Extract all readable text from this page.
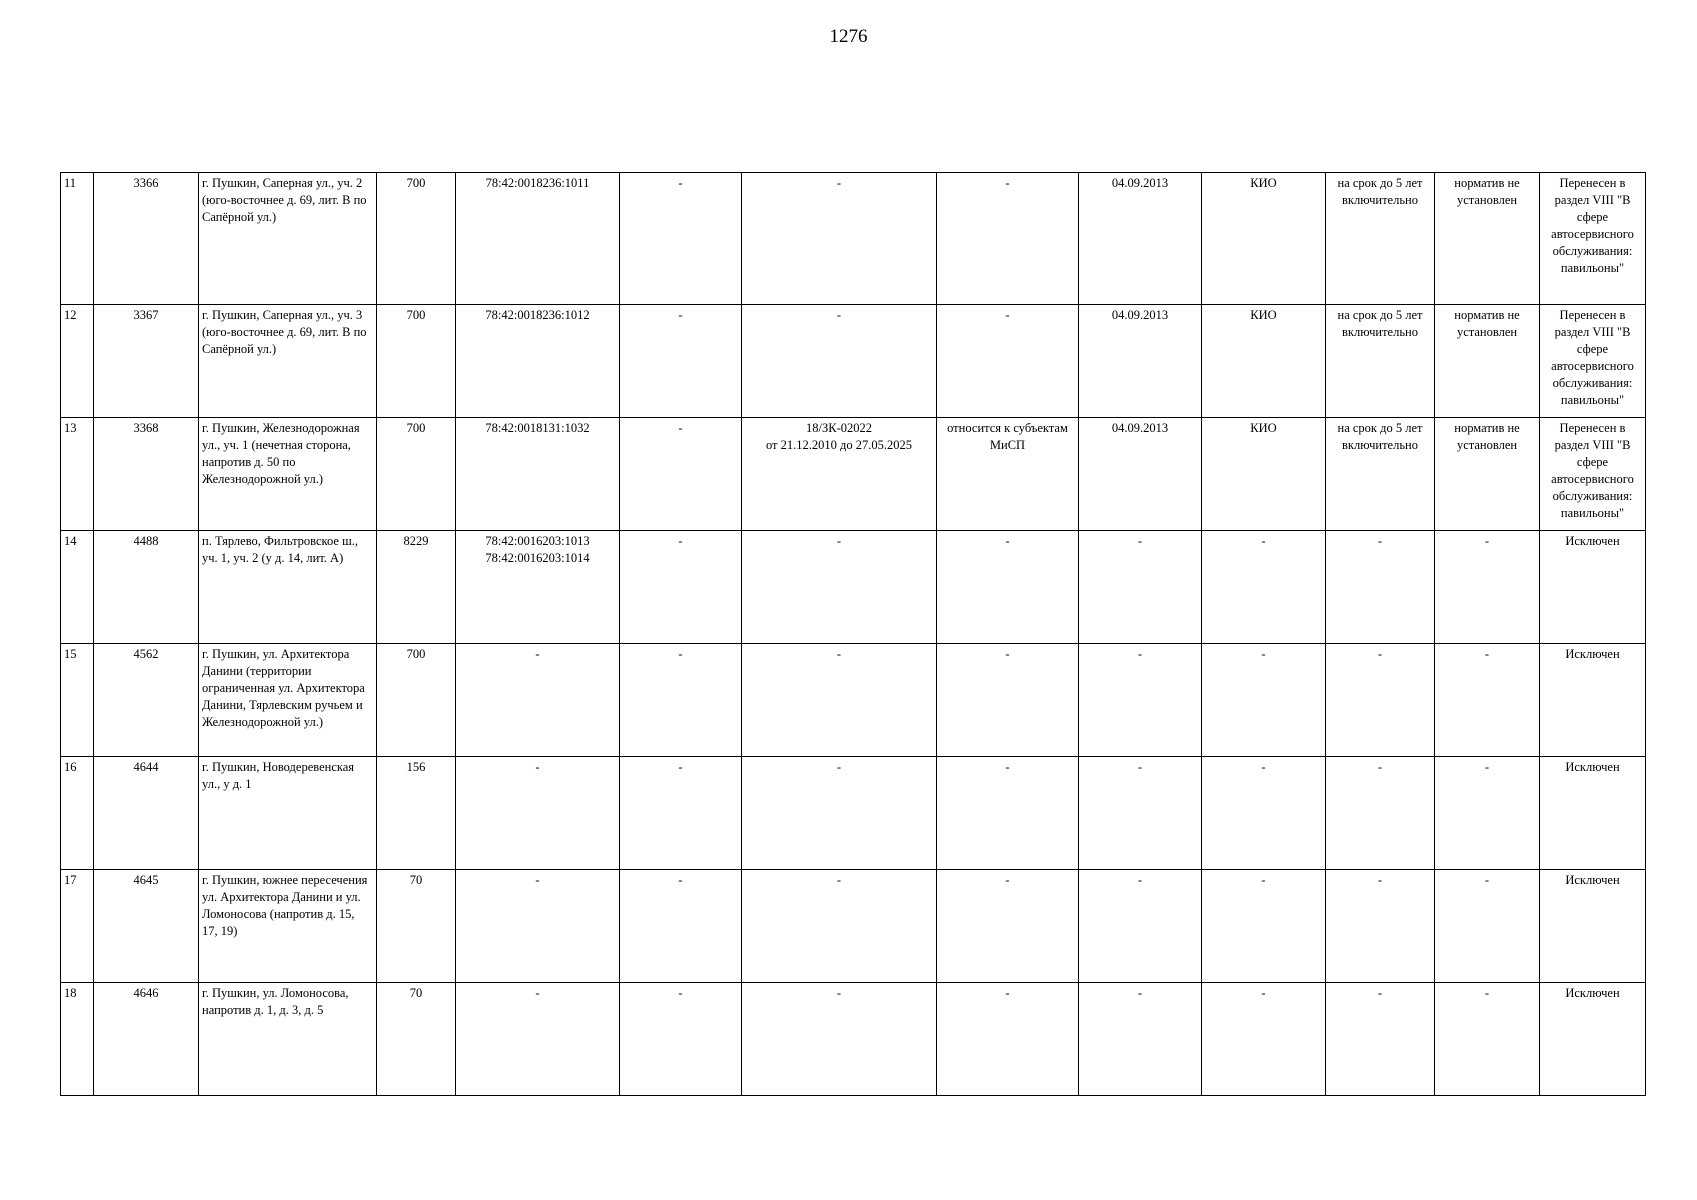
1276
11	3366	г. Пушкин, Саперная ул., уч. 2 (юго-восточнее д. 69, лит. В по Сапёрной ул.)	700	78:42:0018236:1011	-	-	-	04.09.2013	КИО	на срок до 5 лет включительно	норматив не установлен	Перенесен в раздел VIII "В сфере автосервисного обслуживания: павильоны"
12	3367	г. Пушкин, Саперная ул., уч. 3 (юго-восточнее д. 69, лит. В по Сапёрной ул.)	700	78:42:0018236:1012	-	-	-	04.09.2013	КИО	на срок до 5 лет включительно	норматив не установлен	Перенесен в раздел VIII "В сфере автосервисного обслуживания: павильоны"
13	3368	г. Пушкин, Железнодорожная ул., уч. 1 (нечетная сторона, напротив д. 50 по Железнодорожной ул.)	700	78:42:0018131:1032	-	18/ЗК-02022
от 21.12.2010 до 27.05.2025	относится к субъектам МиСП	04.09.2013	КИО	на срок до 5 лет включительно	норматив не установлен	Перенесен в раздел VIII "В сфере автосервисного обслуживания: павильоны"
14	4488	п. Тярлево, Фильтровское ш., уч. 1, уч. 2 (у д. 14, лит. А)	8229	78:42:0016203:1013
78:42:0016203:1014	-	-	-	-	-	-	-	Исключен
15	4562	г. Пушкин, ул. Архитектора Данини (территории ограниченная ул. Архитектора Данини, Тярлевским ручьем и Железнодорожной ул.)	700	-	-	-	-	-	-	-	-	Исключен
16	4644	г. Пушкин, Новодеревенская ул., у д. 1	156	-	-	-	-	-	-	-	-	Исключен
17	4645	г. Пушкин, южнее пересечения ул. Архитектора Данини и ул. Ломоносова (напротив д. 15, 17, 19)	70	-	-	-	-	-	-	-	-	Исключен
18	4646	г. Пушкин, ул. Ломоносова, напротив д. 1, д. 3, д. 5	70	-	-	-	-	-	-	-	-	Исключен
